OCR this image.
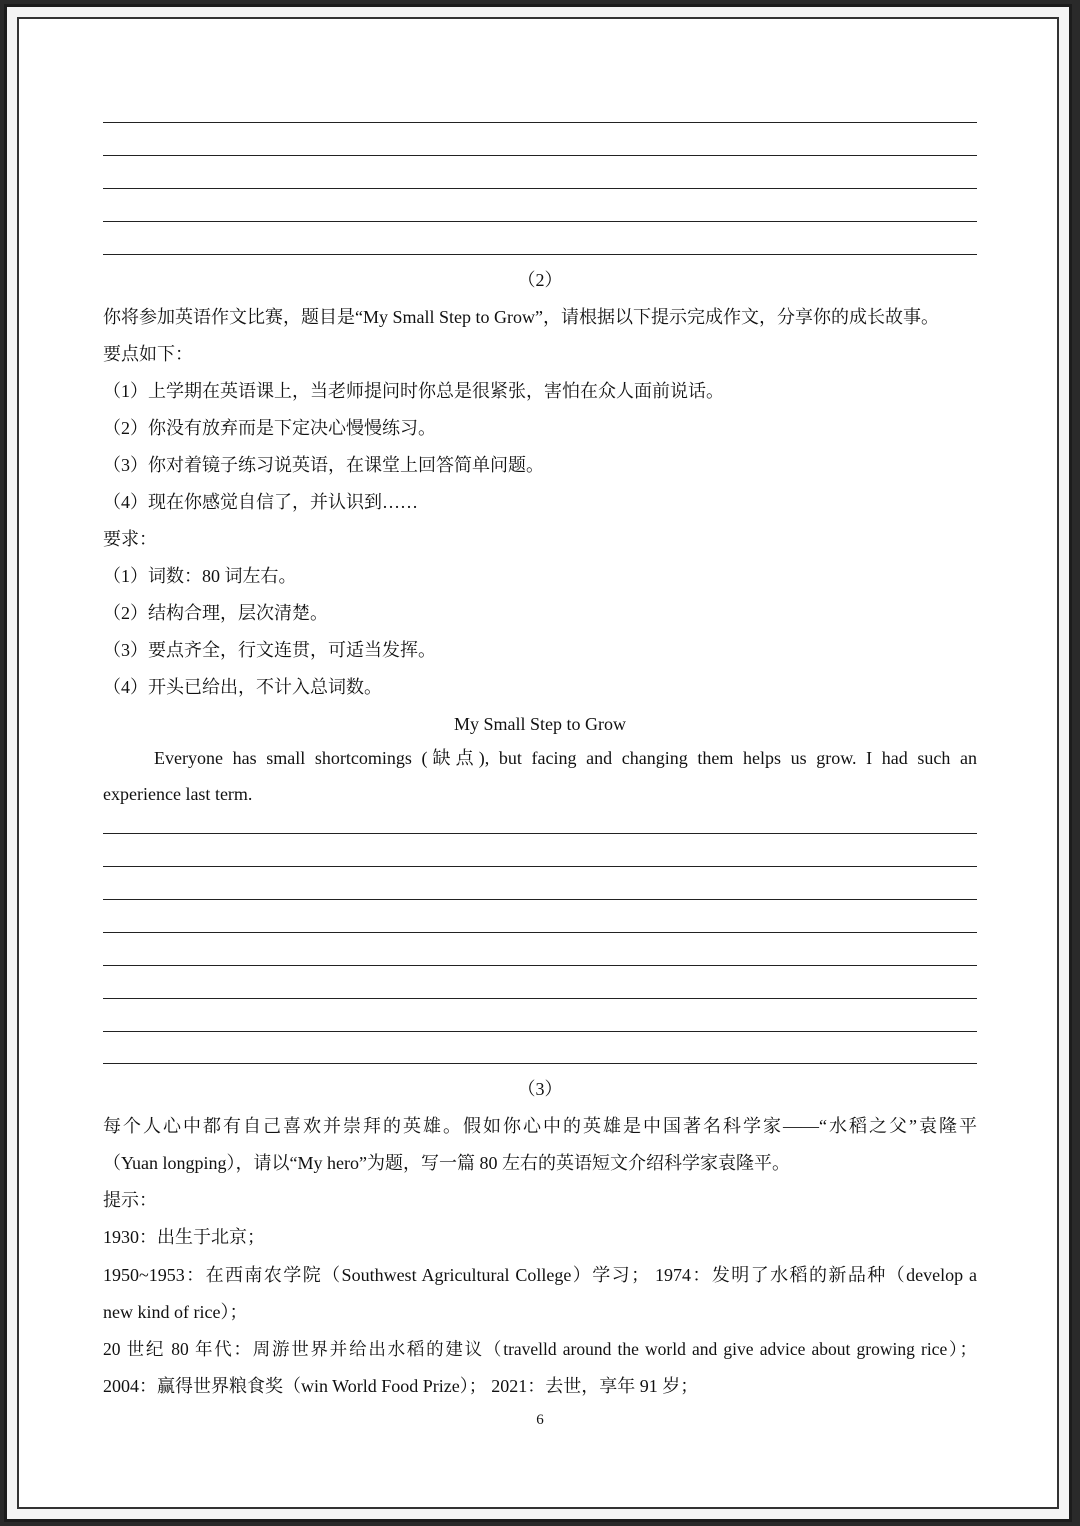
（2）
你将参加英语作文比赛，题目是“My Small Step to Grow”，请根据以下提示完成作文，分享你的成长故事。
要点如下：
（1）上学期在英语课上，当老师提问时你总是很紧张，害怕在众人面前说话。
（2）你没有放弃而是下定决心慢慢练习。
（3）你对着镜子练习说英语，在课堂上回答简单问题。
（4）现在你感觉自信了，并认识到……
要求：
（1）词数：80 词左右。
（2）结构合理，层次清楚。
（3）要点齐全，行文连贯，可适当发挥。
（4）开头已给出，不计入总词数。
My Small Step to Grow
Everyone has small shortcomings (缺点), but facing and changing them helps us grow. I had such an
experience last term.
（3）
每个人心中都有自己喜欢并崇拜的英雄。假如你心中的英雄是中国著名科学家——“水稻之父”袁隆平
（Yuan longping），请以“My hero”为题，写一篇 80 左右的英语短文介绍科学家袁隆平。
提示：
1930：出生于北京；
1950~1953：在西南农学院（Southwest Agricultural College）学习； 1974：发明了水稻的新品种（develop a
new kind of rice）；
20 世纪 80 年代：周游世界并给出水稻的建议（travelld around the world and give advice about growing rice）；
2004：赢得世界粮食奖（win World Food Prize）； 2021：去世，享年 91 岁；
6
